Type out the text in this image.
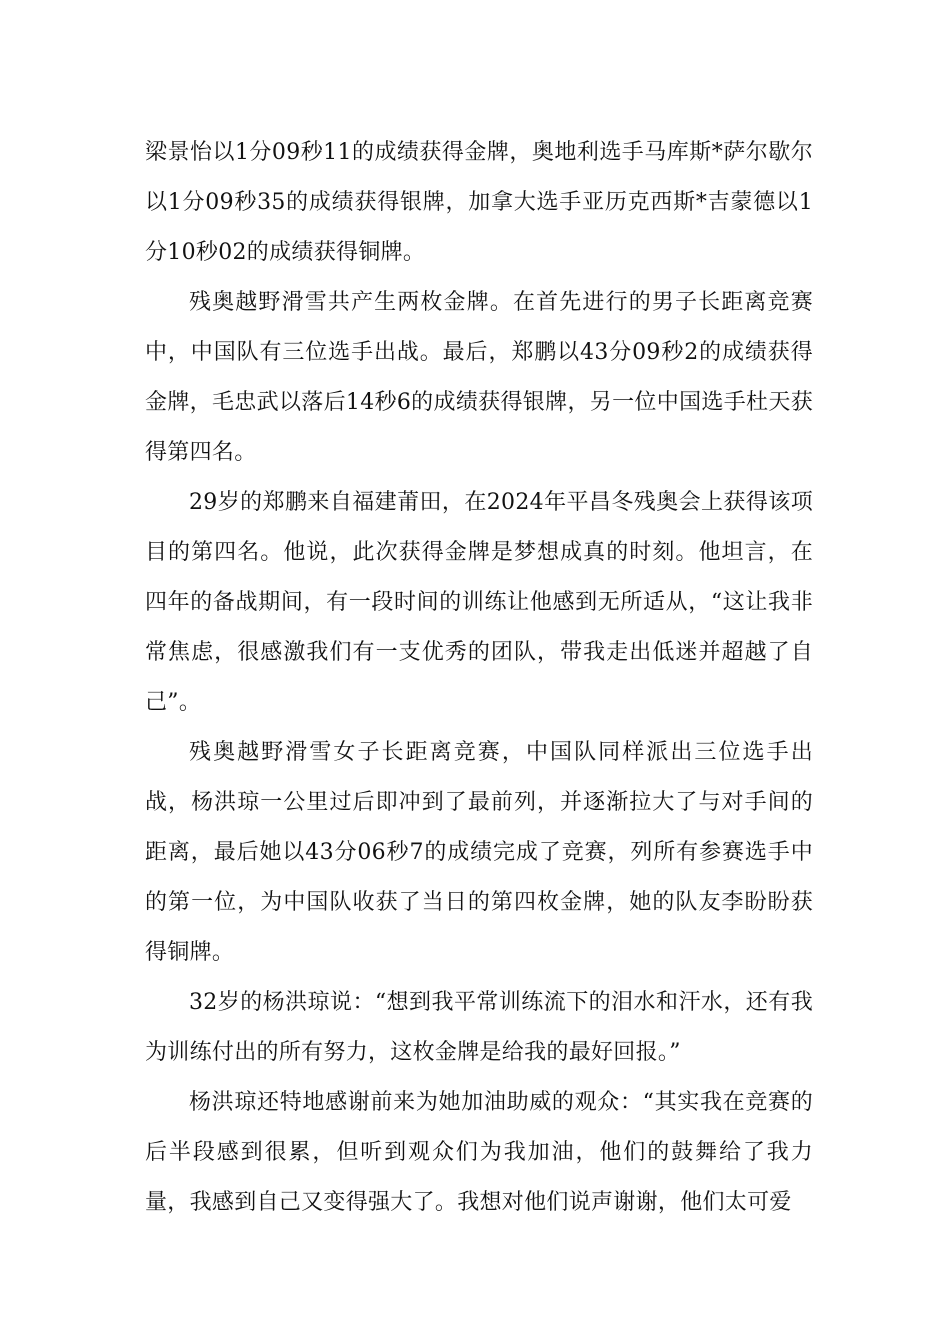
梁景怡以1分09秒11的成绩获得金牌，奥地利选手马库斯*萨尔歇尔以1分09秒35的成绩获得银牌，加拿大选手亚历克西斯*吉蒙德以1分10秒02的成绩获得铜牌。

残奥越野滑雪共产生两枚金牌。在首先进行的男子长距离竞赛中，中国队有三位选手出战。最后，郑鹏以43分09秒2的成绩获得金牌，毛忠武以落后14秒6的成绩获得银牌，另一位中国选手杜天获得第四名。

29岁的郑鹏来自福建莆田，在2024年平昌冬残奥会上获得该项目的第四名。他说，此次获得金牌是梦想成真的时刻。他坦言，在四年的备战期间，有一段时间的训练让他感到无所适从，“这让我非常焦虑，很感激我们有一支优秀的团队，带我走出低迷并超越了自己”。

残奥越野滑雪女子长距离竞赛，中国队同样派出三位选手出战，杨洪琼一公里过后即冲到了最前列，并逐渐拉大了与对手间的距离，最后她以43分06秒7的成绩完成了竞赛，列所有参赛选手中的第一位，为中国队收获了当日的第四枚金牌，她的队友李盼盼获得铜牌。

32岁的杨洪琼说：“想到我平常训练流下的泪水和汗水，还有我为训练付出的所有努力，这枚金牌是给我的最好回报。”

杨洪琼还特地感谢前来为她加油助威的观众：“其实我在竞赛的后半段感到很累，但听到观众们为我加油，他们的鼓舞给了我力量，我感到自己又变得强大了。我想对他们说声谢谢，他们太可爱
